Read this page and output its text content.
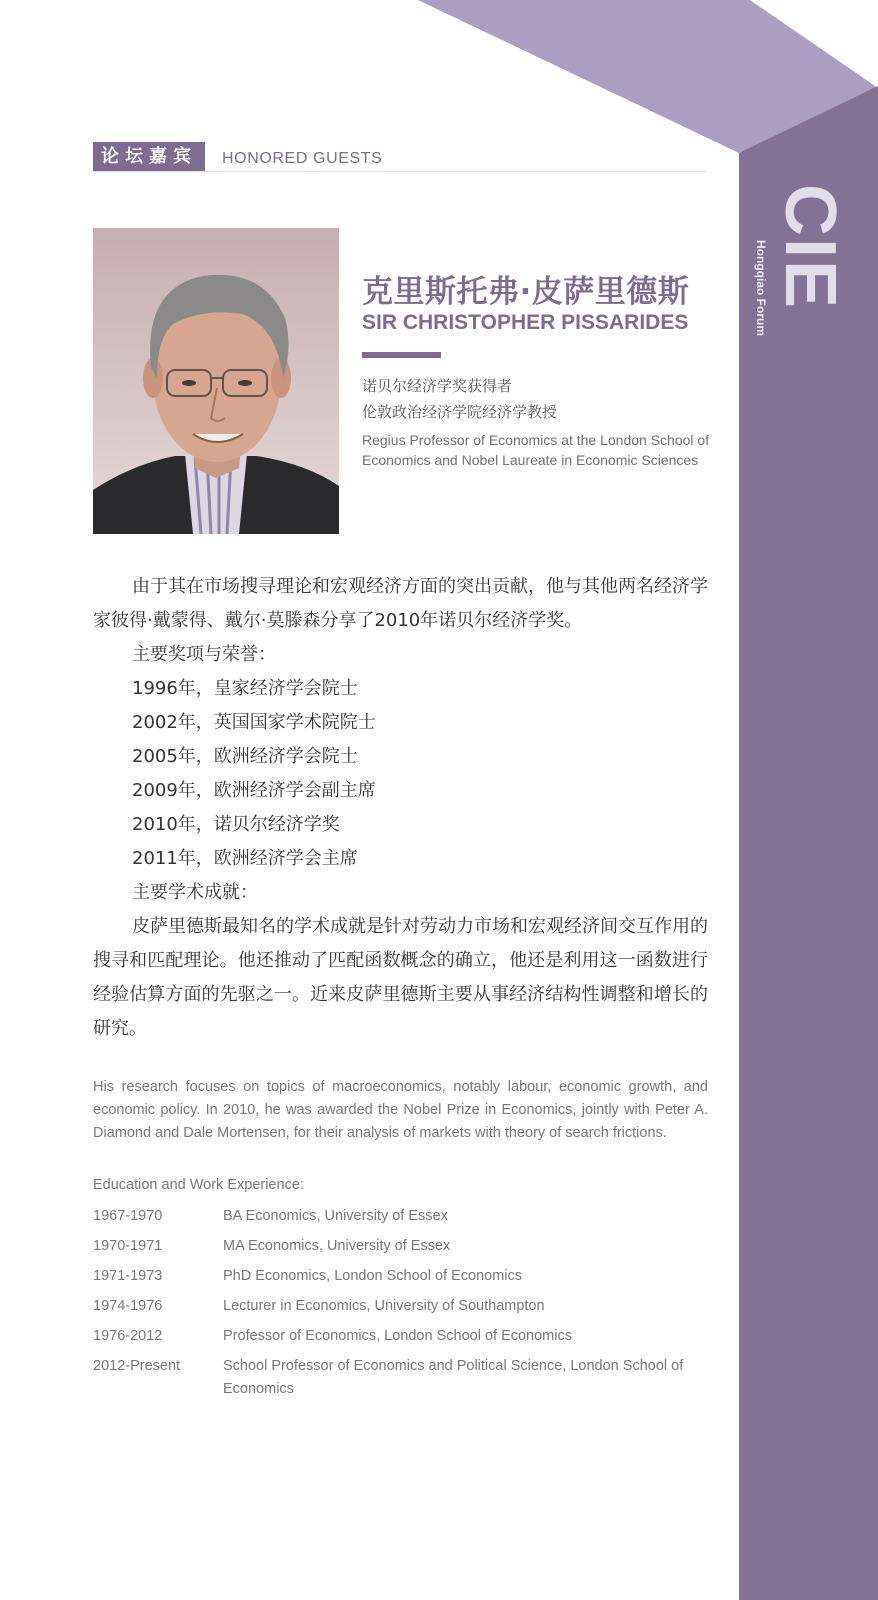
CIE
Hongqiao Forum
论坛嘉宾	HONORED GUESTS
克里斯托弗·皮萨里德斯
SIR CHRISTOPHER PISSARIDES
诺贝尔经济学奖获得者
伦敦政治经济学院经济学教授
Regius Professor of Economics at the London School of Economics and Nobel Laureate in Economic Sciences

由于其在市场搜寻理论和宏观经济方面的突出贡献，他与其他两名经济学家彼得·戴蒙得、戴尔·莫滕森分享了2010年诺贝尔经济学奖。

主要奖项与荣誉：

1996年，皇家经济学会院士

2002年，英国国家学术院院士

2005年，欧洲经济学会院士

2009年，欧洲经济学会副主席

2010年，诺贝尔经济学奖

2011年，欧洲经济学会主席

主要学术成就：

皮萨里德斯最知名的学术成就是针对劳动力市场和宏观经济间交互作用的搜寻和匹配理论。他还推动了匹配函数概念的确立，他还是利用这一函数进行经验估算方面的先驱之一。近来皮萨里德斯主要从事经济结构性调整和增长的研究。

His research focuses on topics of macroeconomics, notably labour, economic growth, and economic policy. In 2010, he was awarded the Nobel Prize in Economics, jointly with Peter A. Diamond and Dale Mortensen, for their analysis of markets with theory of search frictions.
Education and Work Experience:
1967-1970	BA Economics, University of Essex
1970-1971	MA Economics, University of Essex
1971-1973	PhD Economics, London School of Economics
1974-1976	Lecturer in Economics, University of Southampton
1976-2012	Professor of Economics, London School of Economics
2012-Present	School Professor of Economics and Political Science, London School of Economics
